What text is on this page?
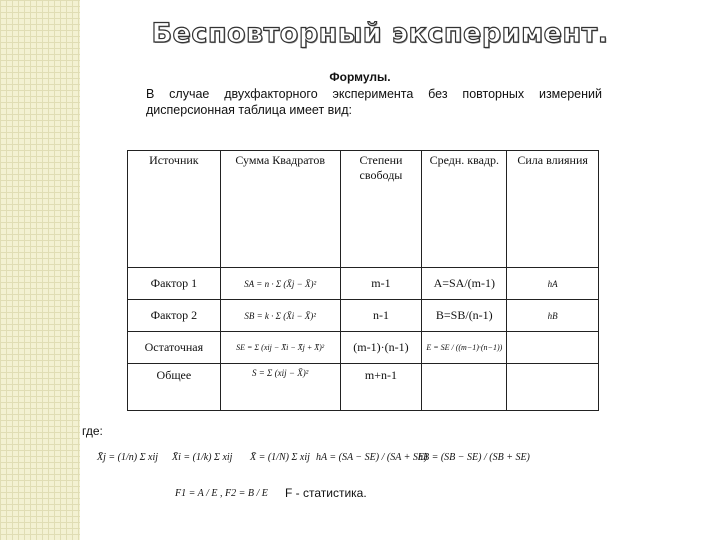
Бесповторный эксперимент.
Формулы.
В случае двухфакторного эксперимента без повторных измерений дисперсионная таблица имеет вид:
Источник	Сумма Квадратов	Степени свободы	Средн. квадр.	Сила влияния
Фактор 1	SA = n · Σ (X̄j − X̄)²	m-1	A=SA/(m-1)	hA
Фактор 2	SB = k · Σ (X̄i − X̄)²	n-1	B=SB/(n-1)	hB
Остаточная	SE = Σ (xij − X̄i − X̄j + X̄)²	(m-1)·(n-1)	E = SE / ((m−1)·(n−1))	
Общее	S = Σ (xij − X̄)²	m+n-1		
где:
X̄j = (1/n) Σ xij X̄i = (1/k) Σ xij X̄ = (1/N) Σ xij hA = (SA − SE) / (SA + SE)
hB = (SB − SE) / (SB + SE)
F1 = A / E , F2 = B / E F - статистика.
